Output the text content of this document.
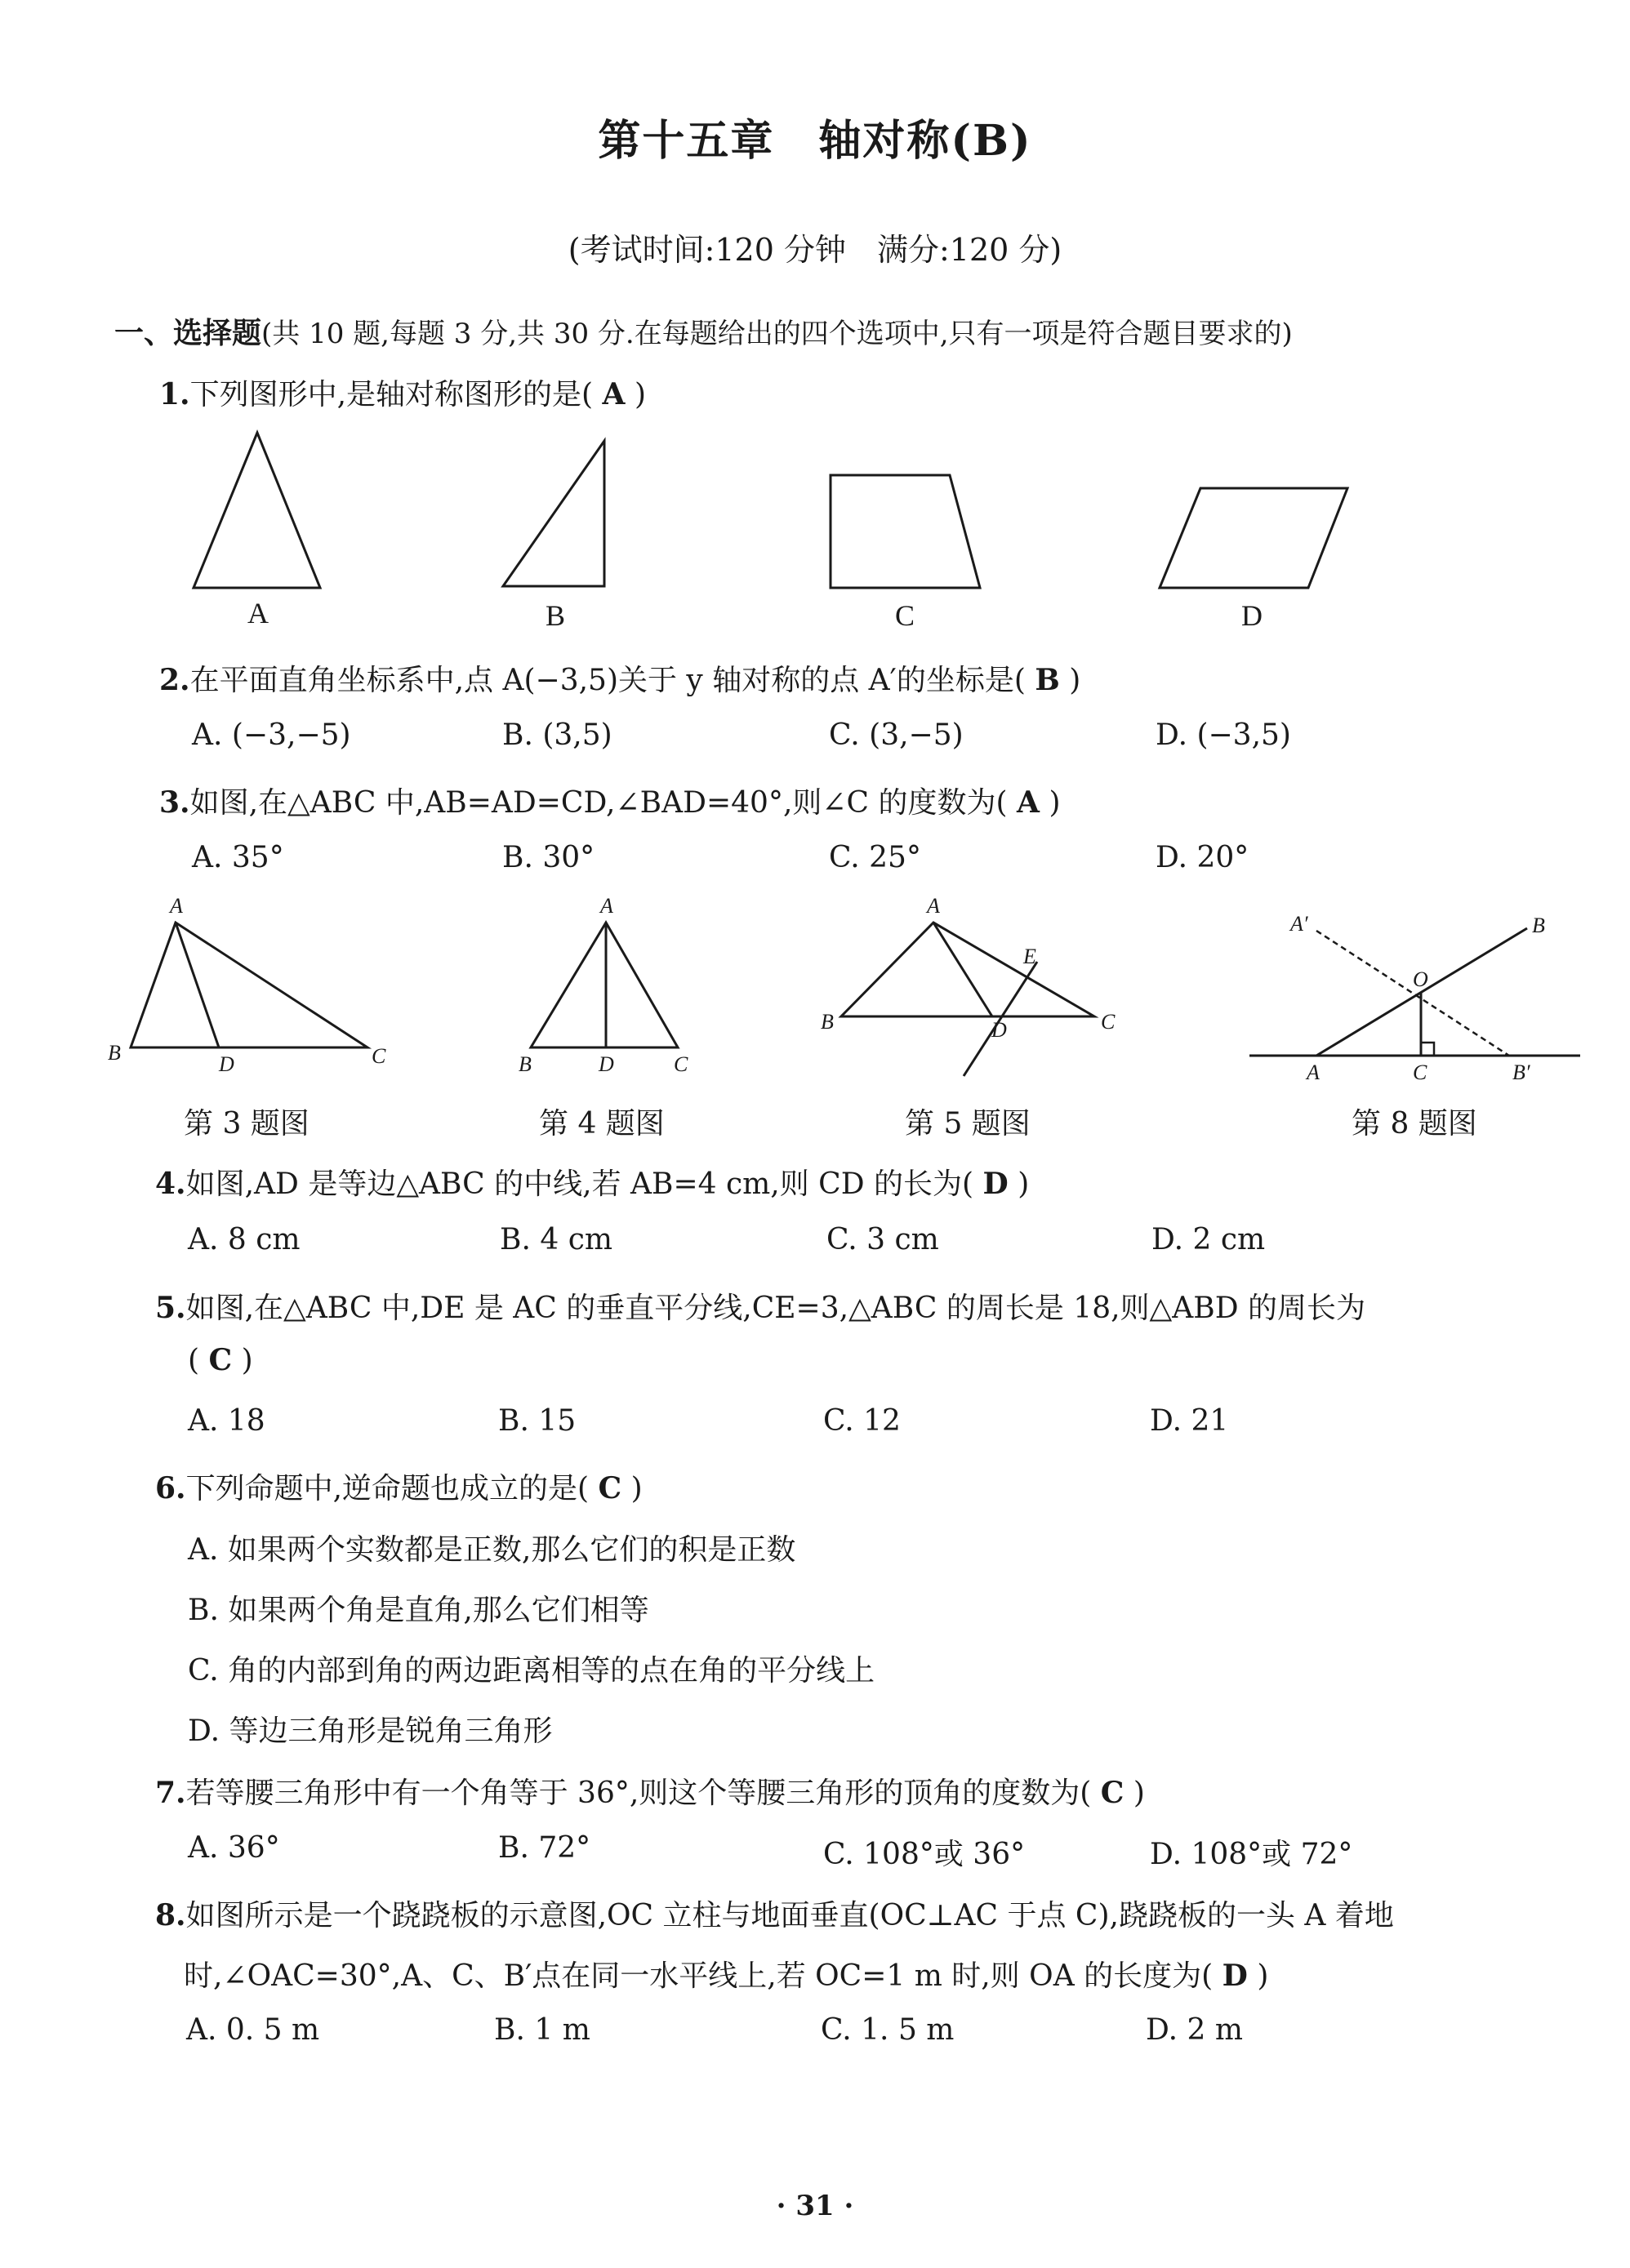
第十五章　轴对称(B)
(考试时间:120 分钟　满分:120 分)
一、选择题(共 10 题,每题 3 分,共 30 分.在每题给出的四个选项中,只有一项是符合题目要求的)
1.下列图形中,是轴对称图形的是( A )
A	B	C	D
2.在平面直角坐标系中,点 A(−3,5)关于 y 轴对称的点 A′的坐标是( B )
A. (−3,−5)	B. (3,5)	C. (3,−5)	D. (−3,5)
3.如图,在△ABC 中,AB=AD=CD,∠BAD=40°,则∠C 的度数为( A )
A. 35°	B. 30°	C. 25°	D. 20°
A
B	D	C
A
B	D	C
A
E
B	D	C
A′	B
O
A	C	B′
第 3 题图	第 4 题图	第 5 题图	第 8 题图
4.如图,AD 是等边△ABC 的中线,若 AB=4 cm,则 CD 的长为( D )
A. 8 cm	B. 4 cm	C. 3 cm	D. 2 cm
5.如图,在△ABC 中,DE 是 AC 的垂直平分线,CE=3,△ABC 的周长是 18,则△ABD 的周长为
( C )
A. 18	B. 15	C. 12	D. 21
6.下列命题中,逆命题也成立的是( C )
A. 如果两个实数都是正数,那么它们的积是正数
B. 如果两个角是直角,那么它们相等
C. 角的内部到角的两边距离相等的点在角的平分线上
D. 等边三角形是锐角三角形
7.若等腰三角形中有一个角等于 36°,则这个等腰三角形的顶角的度数为( C )
A. 36°	B. 72°	C. 108°或 36°	D. 108°或 72°
8.如图所示是一个跷跷板的示意图,OC 立柱与地面垂直(OC⊥AC 于点 C),跷跷板的一头 A 着地
时,∠OAC=30°,A、C、B′点在同一水平线上,若 OC=1 m 时,则 OA 的长度为( D )
A. 0. 5 m	B. 1 m	C. 1. 5 m	D. 2 m
· 31 ·
